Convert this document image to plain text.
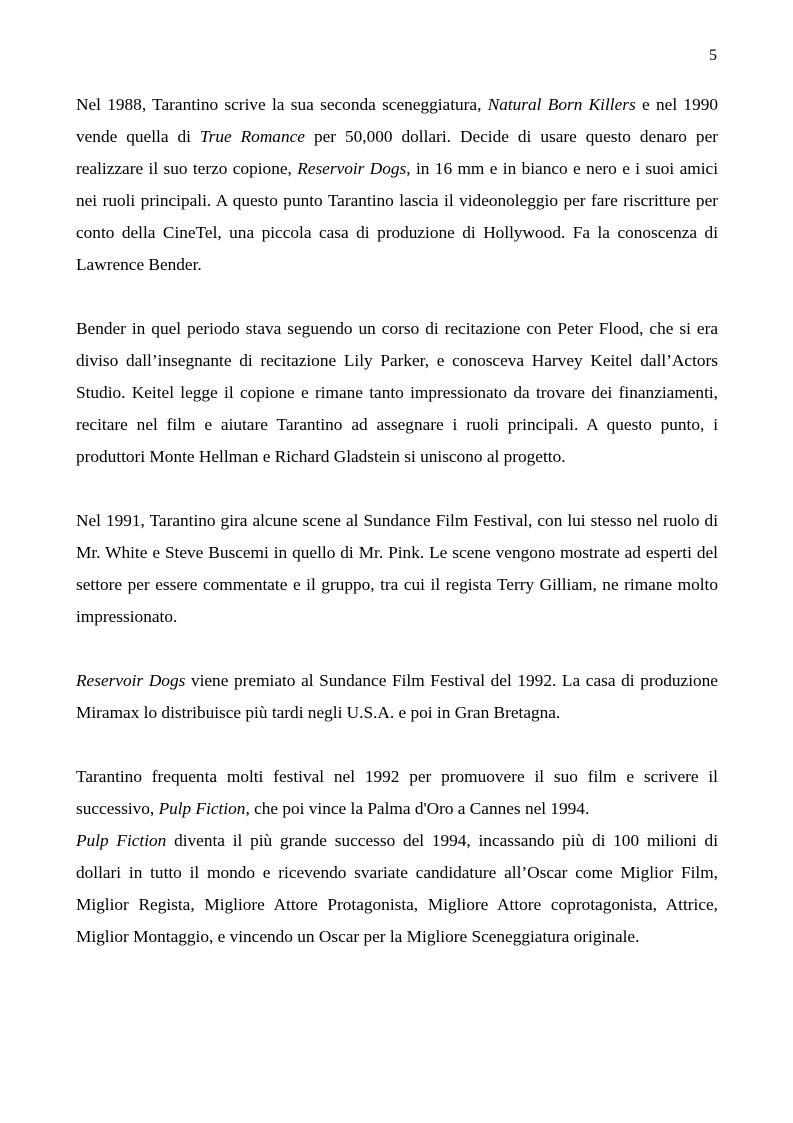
5

Nel 1988, Tarantino scrive la sua seconda sceneggiatura, Natural Born Killers e nel 1990 vende quella di True Romance per 50,000 dollari. Decide di usare questo denaro per realizzare il suo terzo copione, Reservoir Dogs, in 16 mm e in bianco e nero e i suoi amici nei ruoli principali. A questo punto Tarantino lascia il videonoleggio per fare riscritture per conto della CineTel, una piccola casa di produzione di Hollywood. Fa la conoscenza di Lawrence Bender.

Bender in quel periodo stava seguendo un corso di recitazione con Peter Flood, che si era diviso dall’insegnante di recitazione Lily Parker, e conosceva Harvey Keitel dall’Actors Studio. Keitel legge il copione e rimane tanto impressionato da trovare dei finanziamenti, recitare nel film e aiutare Tarantino ad assegnare i ruoli principali. A questo punto, i produttori Monte Hellman e Richard Gladstein si uniscono al progetto.

Nel 1991, Tarantino gira alcune scene al Sundance Film Festival, con lui stesso nel ruolo di Mr. White e Steve Buscemi in quello di Mr. Pink. Le scene vengono mostrate ad esperti del settore per essere commentate e il gruppo, tra cui il regista Terry Gilliam, ne rimane molto impressionato.

Reservoir Dogs viene premiato al Sundance Film Festival del 1992. La casa di produzione Miramax lo distribuisce più tardi negli U.S.A. e poi in Gran Bretagna.

Tarantino frequenta molti festival nel 1992 per promuovere il suo film e scrivere il successivo, Pulp Fiction, che poi vince la Palma d'Oro a Cannes nel 1994.

Pulp Fiction diventa il più grande successo del 1994, incassando più di 100 milioni di dollari in tutto il mondo e ricevendo svariate candidature all’Oscar come Miglior Film, Miglior Regista, Migliore Attore Protagonista, Migliore Attore coprotagonista, Attrice, Miglior Montaggio, e vincendo un Oscar per la Migliore Sceneggiatura originale.
